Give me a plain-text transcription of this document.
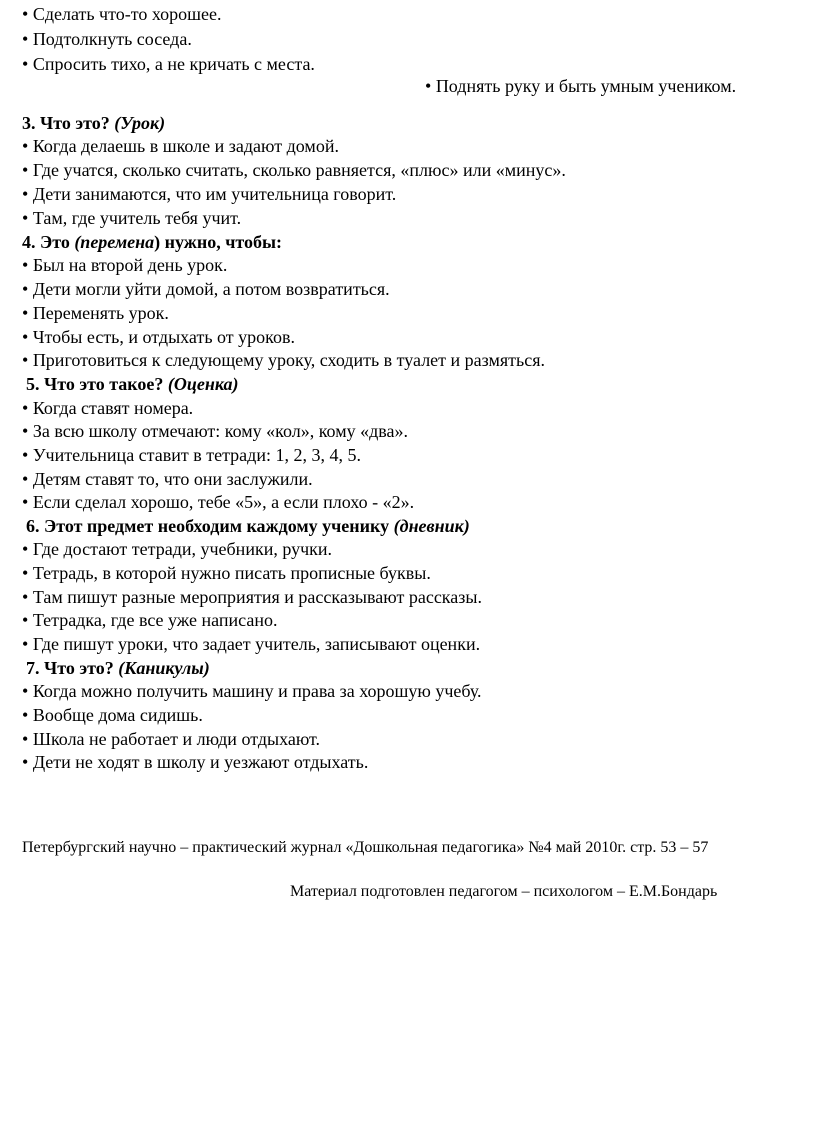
• Сделать что-то хорошее.
• Подтолкнуть соседа.
• Спросить тихо, а не кричать с места.
• Поднять руку и быть умным учеником.
3. Что это? (Урок)
• Когда делаешь в школе и задают домой.
• Где учатся, сколько считать, сколько равняется, «плюс» или «минус».
• Дети занимаются, что им учительница говорит.
• Там, где учитель тебя учит.
4. Это (перемена) нужно, чтобы:
• Был на второй день урок.
• Дети могли уйти домой, а потом возвратиться.
• Переменять урок.
• Чтобы есть, и отдыхать от уроков.
• Приготовиться к следующему уроку, сходить в туалет и размяться.
5. Что это такое? (Оценка)
• Когда ставят номера.
• За всю школу отмечают: кому «кол», кому «два».
• Учительница ставит в тетради: 1, 2, 3, 4, 5.
• Детям ставят то, что они заслужили.
• Если сделал хорошо, тебе «5», а если плохо - «2».
6. Этот предмет необходим каждому ученику (дневник)
• Где достают тетради, учебники, ручки.
• Тетрадь, в которой нужно писать прописные буквы.
• Там пишут разные мероприятия и рассказывают рассказы.
• Тетрадка, где все уже написано.
• Где пишут уроки, что задает учитель, записывают оценки.
7. Что это? (Каникулы)
• Когда можно получить машину и права за хорошую учебу.
• Вообще дома сидишь.
• Школа не работает и люди отдыхают.
• Дети не ходят в школу и уезжают отдыхать.
Петербургский научно – практический журнал «Дошкольная педагогика» №4 май 2010г. стр. 53 – 57
Материал подготовлен педагогом – психологом – Е.М.Бондарь
